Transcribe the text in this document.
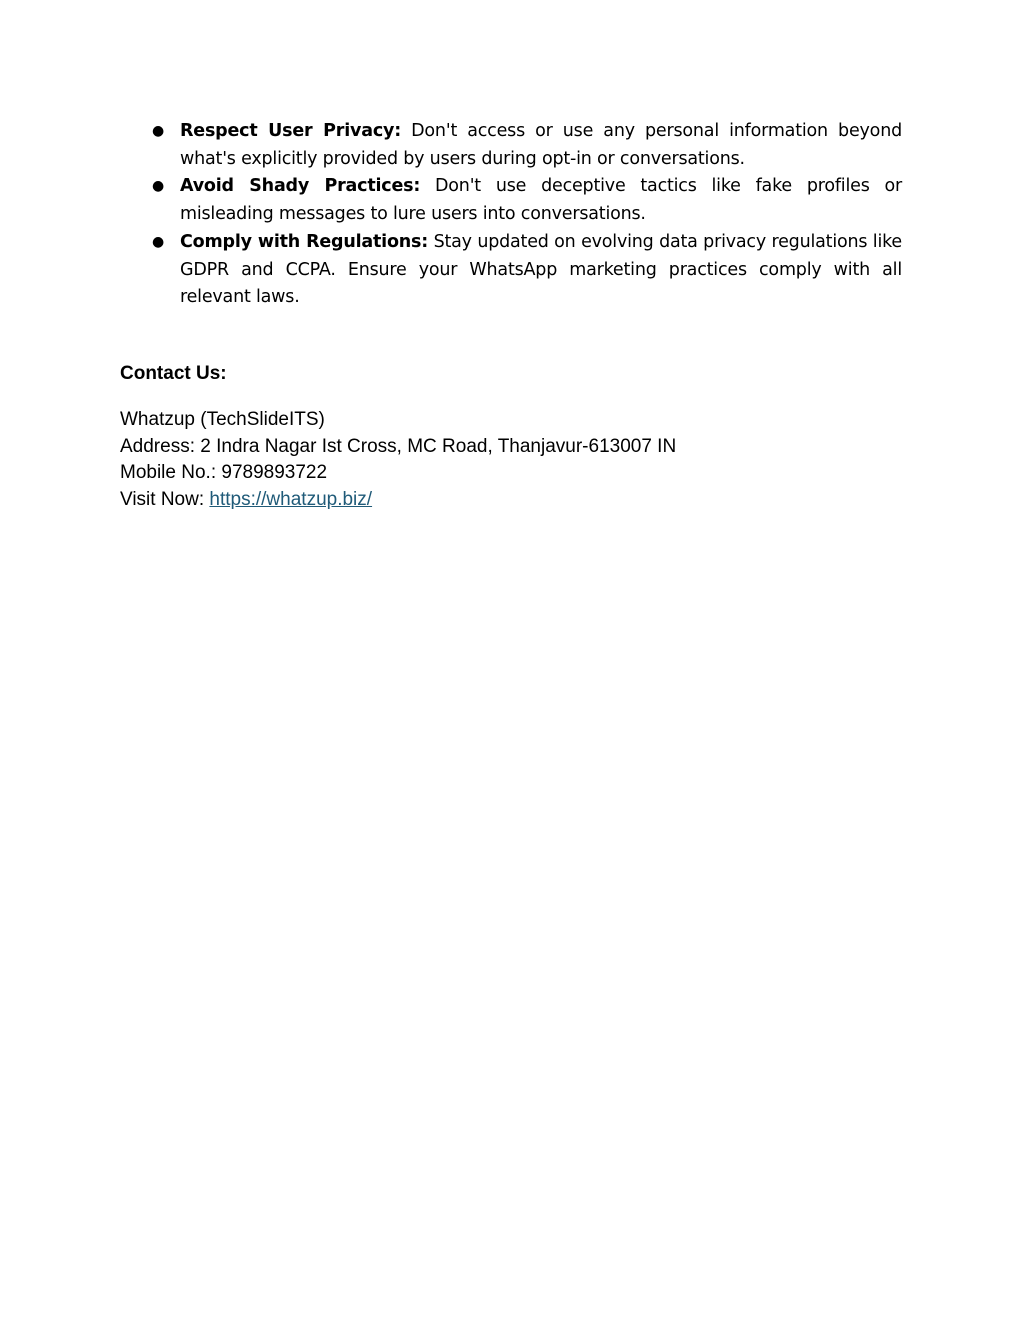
● Respect User Privacy: Don't access or use any personal information beyond what's explicitly provided by users during opt-in or conversations.
● Avoid Shady Practices: Don't use deceptive tactics like fake profiles or misleading messages to lure users into conversations.
● Comply with Regulations: Stay updated on evolving data privacy regulations like GDPR and CCPA. Ensure your WhatsApp marketing practices comply with all relevant laws.
Contact Us:
Whatzup (TechSlideITS)
Address: 2 Indra Nagar Ist Cross, MC Road, Thanjavur-613007 IN
Mobile No.: 9789893722
Visit Now: https://whatzup.biz/
